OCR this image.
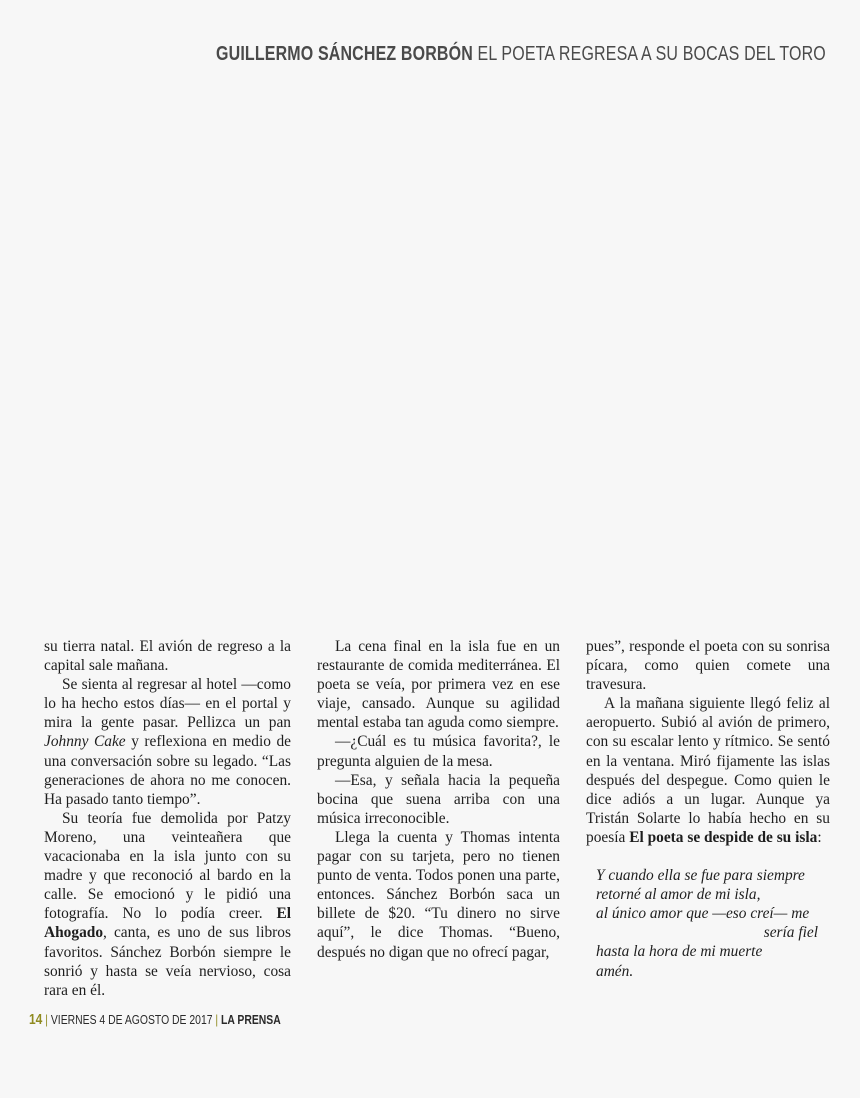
GUILLERMO SÁNCHEZ BORBÓN EL POETA REGRESA A SU BOCAS DEL TORO

su tierra natal. El avión de regreso a la capital sale mañana.

Se sienta al regresar al hotel —como lo ha hecho estos días— en el portal y mira la gente pasar. Pellizca un pan Johnny Cake y reflexiona en medio de una conversación sobre su legado. “Las generaciones de ahora no me conocen. Ha pasado tanto tiempo”.

Su teoría fue demolida por Patzy Moreno, una veinteañera que vacacionaba en la isla junto con su madre y que reconoció al bardo en la calle. Se emocionó y le pidió una fotografía. No lo podía creer. El Ahogado, canta, es uno de sus libros favoritos. Sánchez Borbón siempre le sonrió y hasta se veía nervioso, cosa rara en él.

La cena final en la isla fue en un restaurante de comida mediterránea. El poeta se veía, por primera vez en ese viaje, cansado. Aunque su agilidad mental estaba tan aguda como siempre.

—¿Cuál es tu música favorita?, le pregunta alguien de la mesa.

—Esa, y señala hacia la pequeña bocina que suena arriba con una música irreconocible.

Llega la cuenta y Thomas intenta pagar con su tarjeta, pero no tienen punto de venta. Todos ponen una parte, entonces. Sánchez Borbón saca un billete de $20. “Tu dinero no sirve aquí”, le dice Thomas. “Bueno, después no digan que no ofrecí pagar,

pues”, responde el poeta con su sonrisa pícara, como quien comete una travesura.

A la mañana siguiente llegó feliz al aeropuerto. Subió al avión de primero, con su escalar lento y rítmico. Se sentó en la ventana. Miró fijamente las islas después del despegue. Como quien le dice adiós a un lugar. Aunque ya Tristán Solarte lo había hecho en su poesía El poeta se despide de su isla:

Y cuando ella se fue para siempre
retorné al amor de mi isla,
al único amor que —eso creí— me
sería fiel
hasta la hora de mi muerte
amén.
14 | VIERNES 4 DE AGOSTO DE 2017 | LA PRENSA
